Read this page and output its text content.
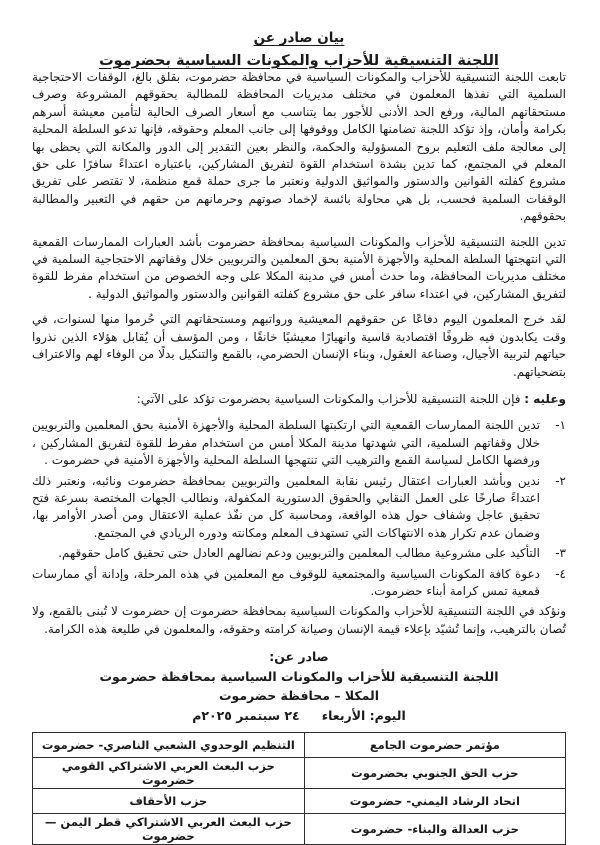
بيان صادر عن
اللجنة التنسيقية للأحزاب والمكونات السياسية بحضرموت

تابعت اللجنة التنسيقية للأحزاب والمكونات السياسية في محافظة حضرموت، بقلق بالغ، الوقفات الاحتجاجية السلمية التي نفذها المعلمون في مختلف مديريات المحافظة للمطالبة بحقوقهم المشروعة وصرف مستحقاتهم المالية، ورفع الحد الأدنى للأجور بما يتناسب مع أسعار الصرف الحالية لتأمين معيشة أسرهم بكرامة وأمان، وإذ تؤكد اللجنة تضامنها الكامل ووقوفها إلى جانب المعلم وحقوقه، فإنها تدعو السلطة المحلية إلى معالجة ملف التعليم بروح المسؤولية والحكمة، والنظر بعين التقدير إلى الدور والمكانة التي يحظى بها المعلم في المجتمع، كما تدين بشدة استخدام القوة لتفريق المشاركين، باعتباره اعتداءً سافرًا على حق مشروع كفلته القوانين والدستور والمواثيق الدولية ونعتبر ما جرى حملة قمع منظمة، لا تقتصر على تفريق الوقفات السلمية فحسب، بل هي محاولة بائسة لإخماد صوتهم وحرمانهم من حقهم في التعبير والمطالبة بحقوقهم.

تدين اللجنة التنسيقية للأحزاب والمكونات السياسية بمحافظة حضرموت بأشد العبارات الممارسات القمعية التي انتهجتها السلطة المحلية والأجهزة الأمنية بحق المعلمين والتربويين خلال وقفاتهم الاحتجاجية السلمية في مختلف مديريات المحافظة، وما حدث أمس في مدينة المكلا على وجه الخصوص من استخدام مفرط للقوة لتفريق المشاركين، في اعتداء سافر على حق مشروع كفلته القوانين والدستور والمواثيق الدولية .

لقد خرج المعلمون اليوم دفاعًا عن حقوقهم المعيشية ورواتبهم ومستحقاتهم التي حُرموا منها لسنوات، في وقت يكابدون فيه ظروفًا اقتصادية قاسية وانهيارًا معيشيًا خانقًا ، ومن المؤسف أن يُقابل هؤلاء الذين نذروا حياتهم لتربية الأجيال، وصناعة العقول، وبناء الإنسان الحضرمي، بالقمع والتنكيل بدلًا من الوفاء لهم والاعتراف بتضحياتهم.

وعليه : فإن اللجنة التنسيقية للأحزاب والمكونات السياسية بحضرموت تؤكد على الآتي:
١-
تدين اللجنة الممارسات القمعية التي ارتكبتها السلطة المحلية والأجهزة الأمنية بحق المعلمين والتربويين خلال وقفاتهم السلمية، التي شهدتها مدينة المكلا أمس من استخدام مفرط للقوة لتفريق المشاركين ، ورفضها الكامل لسياسة القمع والترهيب التي تنتهجها السلطة المحلية والأجهزة الأمنية في حضرموت .
٢-
ندين وبأشد العبارات اعتقال رئيس نقابة المعلمين والتربويين بمحافظة حضرموت ونائبه، ونعتبر ذلك اعتداءً صارخًا على العمل النقابي والحقوق الدستورية المكفولة، ونطالب الجهات المختصة بسرعة فتح تحقيق عاجل وشفاف حول هذه الواقعة، ومحاسبة كل من نفّذ عملية الاعتقال ومن أصدر الأوامر بها، وضمان عدم تكرار هذه الانتهاكات التي تستهدف المعلم ومكانته ودوره الريادي في المجتمع.
٣-
التأكيد على مشروعية مطالب المعلمين والتربويين ودعم نضالهم العادل حتى تحقيق كامل حقوقهم.
٤-
دعوة كافة المكونات السياسية والمجتمعية للوقوف مع المعلمين في هذه المرحلة، وإدانة أي ممارسات قمعية تمس كرامة أبناء حضرموت.

ونؤكد في اللجنة التنسيقية للأحزاب والمكونات السياسية بمحافظة حضرموت إن حضرموت لا تُبنى بالقمع، ولا تُصان بالترهيب، وإنما تُشيّد بإعلاء قيمة الإنسان وصيانة كرامته وحقوقه، والمعلمون في طليعة هذه الكرامة.

صادر عن:
اللجنة التنسيقية للأحزاب والمكونات السياسية بمحافظة حضرموت
المكلا – محافظة حضرموت
اليوم: الأربعاء
٢٤ سبتمبر ٢٠٢٥م
مؤتمر حضرموت الجامع	التنظيم الوحدوي الشعبي الناصري- حضرموت
حزب الحق الجنوبي بحضرموت	حزب البعث العربي الاشتراكي القومي حضرموت
اتحاد الرشاد اليمني- حضرموت	حزب الأحقاف
حزب العدالة والبناء- حضرموت	حزب البعث العربي الاشتراكي قطر اليمن —حضرموت
